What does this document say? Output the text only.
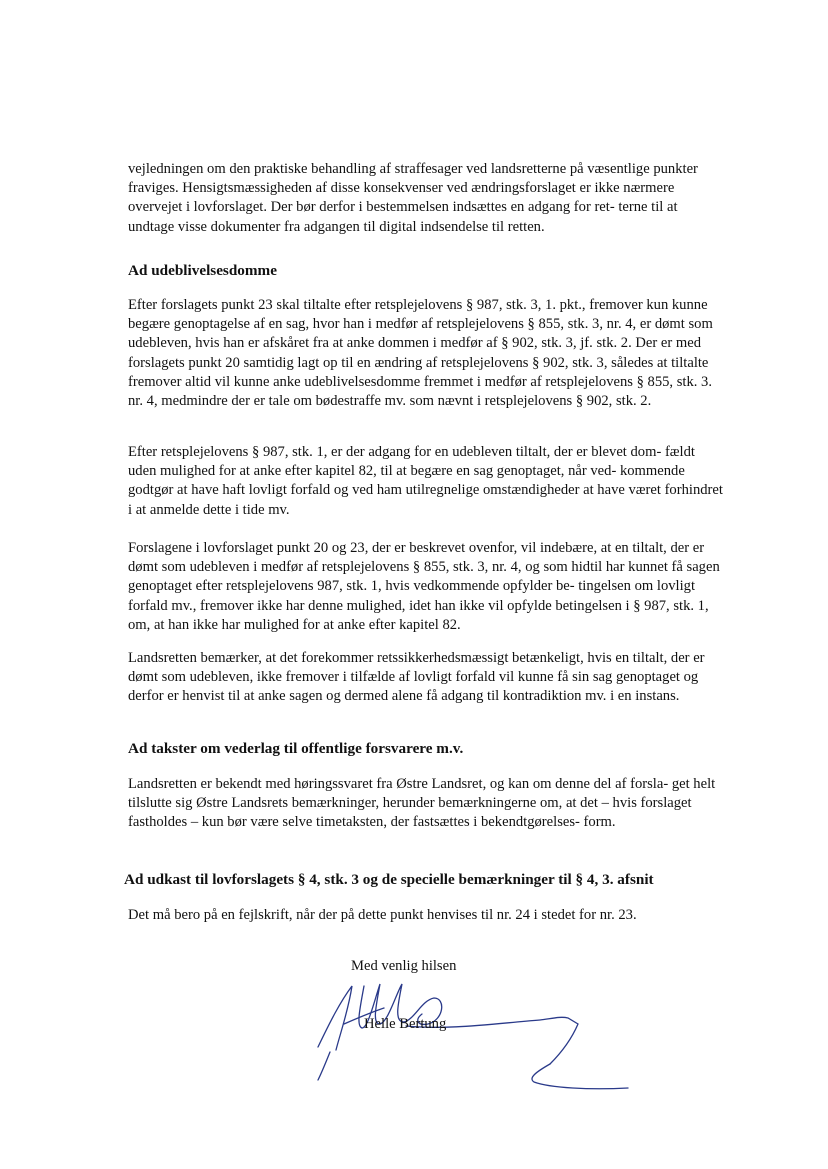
vejledningen om den praktiske behandling af straffesager ved landsretterne på væsentlige punkter fraviges. Hensigtsmæssigheden af disse konsekvenser ved ændringsforslaget er ikke nærmere overvejet i lovforslaget. Der bør derfor i bestemmelsen indsættes en adgang for ret- terne til at undtage visse dokumenter fra adgangen til digital indsendelse til retten.

Ad udeblivelsesdomme

Efter forslagets punkt 23 skal tiltalte efter retsplejelovens § 987, stk. 3, 1. pkt., fremover kun kunne begære genoptagelse af en sag, hvor han i medfør af retsplejelovens § 855, stk. 3, nr. 4, er dømt som udebleven, hvis han er afskåret fra at anke dommen i medfør af § 902, stk. 3, jf. stk. 2. Der er med forslagets punkt 20 samtidig lagt op til en ændring af retsplejelovens § 902, stk. 3, således at tiltalte fremover altid vil kunne anke udeblivelsesdomme fremmet i medfør af retsplejelovens § 855, stk. 3. nr. 4, medmindre der er tale om bødestraffe mv. som nævnt i retsplejelovens § 902, stk. 2.

Efter retsplejelovens § 987, stk. 1, er der adgang for en udebleven tiltalt, der er blevet dom- fældt uden mulighed for at anke efter kapitel 82, til at begære en sag genoptaget, når ved- kommende godtgør at have haft lovligt forfald og ved ham utilregnelige omstændigheder at have været forhindret i at anmelde dette i tide mv.

Forslagene i lovforslaget punkt 20 og 23, der er beskrevet ovenfor, vil indebære, at en tiltalt, der er dømt som udebleven i medfør af retsplejelovens § 855, stk. 3, nr. 4, og som hidtil har kunnet få sagen genoptaget efter retsplejelovens 987, stk. 1, hvis vedkommende opfylder be- tingelsen om lovligt forfald mv., fremover ikke har denne mulighed, idet han ikke vil opfylde betingelsen i § 987, stk. 1, om, at han ikke har mulighed for at anke efter kapitel 82.

Landsretten bemærker, at det forekommer retssikkerhedsmæssigt betænkeligt, hvis en tiltalt, der er dømt som udebleven, ikke fremover i tilfælde af lovligt forfald vil kunne få sin sag genoptaget og derfor er henvist til at anke sagen og dermed alene få adgang til kontradiktion mv. i en instans.

Ad takster om vederlag til offentlige forsvarere m.v.

Landsretten er bekendt med høringssvaret fra Østre Landsret, og kan om denne del af forsla- get helt tilslutte sig Østre Landsrets bemærkninger, herunder bemærkningerne om, at det – hvis forslaget fastholdes – kun bør være selve timetaksten, der fastsættes i bekendtgørelses- form.

Ad udkast til lovforslagets § 4, stk. 3 og de specielle bemærkninger til § 4, 3. afsnit

Det må bero på en fejlskrift, når der på dette punkt henvises til nr. 24 i stedet for nr. 23.

Med venlig hilsen
Helle Bertung
